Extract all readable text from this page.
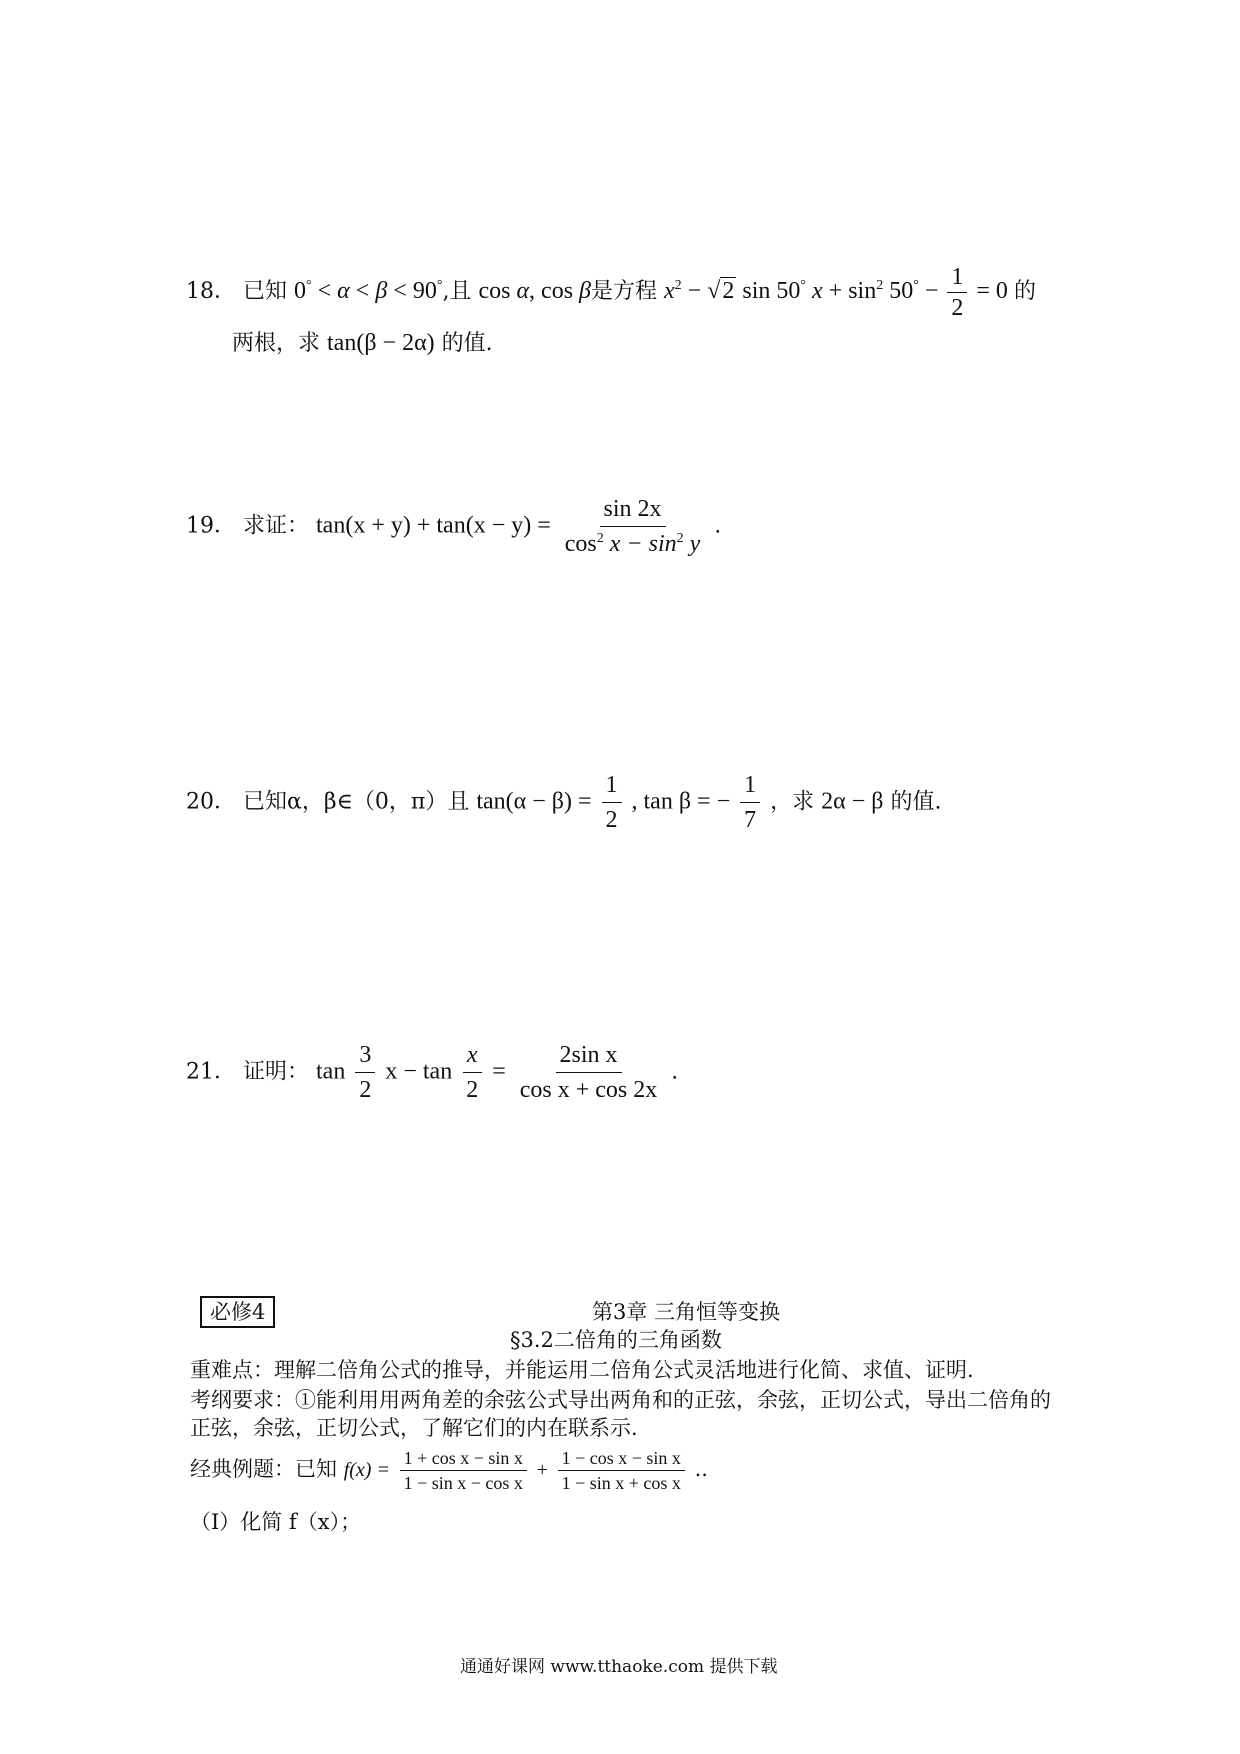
18． 已知 0° < α < β < 90°,且 cos α, cos β是方程 $x^2 - √2$ sin 50° $x + \sin^2 50^\circ - \frac{1}{2} = 0$ 的
两根，求 tan(β − 2α) 的值.
19． 求证： $\tan(x + y) + \tan(x - y) = \frac{\sin 2x}{\cos^2 x - \sin^2 y}$ .
20． 已知α，β∈（0，π）且 $\tan(\alpha - \beta) = \frac{1}{2}$ , tan β = − $\frac{1}{7}$ ，求 2α − β 的值.
21． 证明： $\tan \frac{3}{2}$ $x - \tan \frac{x}{2} = \frac{\text{2sin x}}{\text{cos x + cos 2x}}$ .
必修4	第3章 三角恒等变换
§3.2二倍角的三角函数
重难点：理解二倍角公式的推导，并能运用二倍角公式灵活地进行化简、求值、证明.
考纲要求：①能利用用两角差的余弦公式导出两角和的正弦，余弦，正切公式，导出二倍角的
正弦，余弦，正切公式，了解它们的内在联系示.
经典例题：已知 $f(x) = \frac{\text{1 + cos x − sin x}}{\text{1 − sin x − cos x}} + \frac{\text{1 − cos x − sin x}}{\text{1 − sin x + cos x}}$ ..
（I）化简 f（x）；
通通好课网 www.tthaoke.com 提供下载
